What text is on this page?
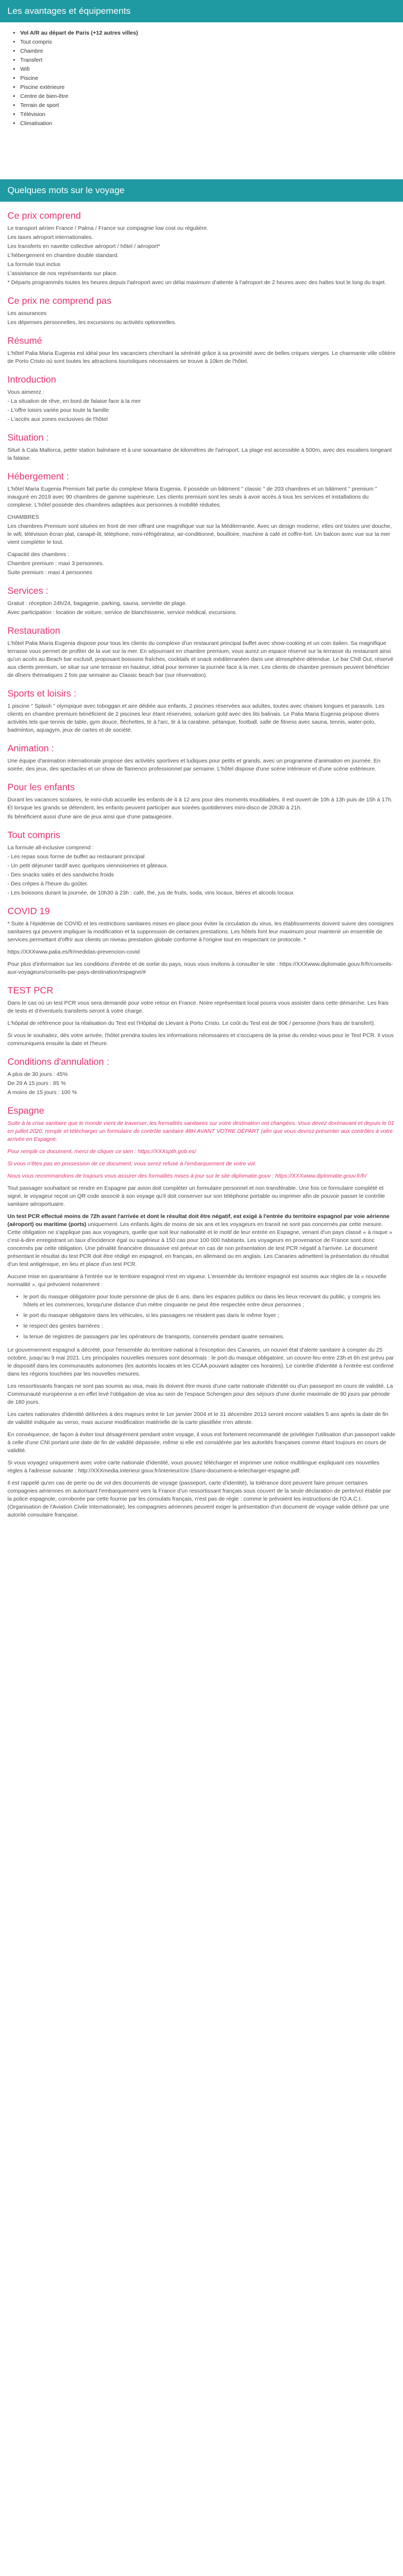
Les avantages et équipements
• Vol A/R au départ de Paris (+12 autres villes)
• Tout compris
• Chambre
• Transfert
• Wifi
• Piscine
• Piscine extérieure
• Centre de bien-être
• Terrain de sport
• Télévision
• Climatisation
Quelques mots sur le voyage
Ce prix comprend

Le transport aérien France / Palma / France sur compagnie low cost ou régulière.

Les taxes aéroport internationales.

Les transferts en navette collective aéroport / hôtel / aéroport*

L'hébergement en chambre double standard.

La formule tout inclus

L'assistance de nos représentants sur place.

* Départs programmés toutes les heures depuis l'aéroport avec un délai maximum d'attente à l'aéroport de 2 heures avec des haltes tout le long du trajet.

Ce prix ne comprend pas

Les assurances

Les dépenses personnelles, les excursions ou activités optionnelles.

Résumé

L'hôtel Palia Maria Eugenia est idéal pour les vacanciers cherchant la sérénité grâce à sa proximité avec de belles criques vierges. Le charmante ville côtière de Porto Cristo où sont toutes les attractions touristiques nécessaires se trouve à 10km de l'hôtel.

Introduction

Vous aimerez :

- La situation de rêve, en bord de falaise face à la mer

- L'offre loisirs variée pour toute la famille

- L'accès aux zones exclusives de l'hôtel

Situation :

Situé à Cala Mallorca, petite station balnéaire et à une soixantaine de kilomètres de l'aéroport. La plage est accessible à 500m, avec des escaliers longeant la falaise.

Hébergement :

L'hôtel Maria Eugenia Premium fait partie du complexe Maria Eugenia. Il possède un bâtiment " classic " de 203 chambres et un bâtiment " premium " inauguré en 2019 avec 90 chambres de gamme supérieure. Les clients premium sont les seuls à avoir accès à tous les services et installations du complexe. L'hôtel possède des chambres adaptées aux personnes à mobilité réduites.

CHAMBRES

Les chambres Premium sont situées en front de mer offrant une magnifique vue sur la Méditerranée. Avec un design moderne, elles ont toutes une douche, le wifi, télévision écran plat, canapé-lit, téléphone, mini-réfrigérateur, air-conditionné, bouilloire, machine à café et coffre-fort. Un balcon avec vue sur la mer vient compléter le tout.

Capacité des chambres :

Chambre premium : maxi 3 personnes.

Suite premium : maxi 4 personnes

Services :

Gratuit : réception 24h/24, bagagerie, parking, sauna, serviette de plage.

Avec participation : location de voiture, service de blanchisserie, service médical, excursions.

Restauration

L'hôtel Palia Maria Eugenia dispose pour tous les clients du complexe d'un restaurant principal buffet avec show-cooking et un coin italien. Sa magnifique terrasse vous permet de profiter de la vue sur la mer. En séjournant en chambre premium, vous aurez un espace réservé sur la terrasse du restaurant ainsi qu'un accès au Beach bar exclusif, proposant boissons fraîches, cocktails et snack méditerranéen dans une atmosphère détendue. Le bar Chill Out, réservé aux clients premium, se situe sur une terrasse en hauteur, idéal pour terminer la journée face à la mer. Les clients de chambre premium peuvent bénéficier de dîners thématiques 2 fois par semaine au Classic beach bar (sur réservation).

Sports et loisirs :

1 piscine " Splash " olympique avec toboggan et aire dédiée aux enfants, 2 piscines réservées aux adultes, toutes avec chaises longues et parasols. Les clients en chambre premium bénéficient de 2 piscines leur étant réservées, solarium gold avec des lits balinais. Le Palia Maria Eugenia propose divers activités tels que tennis de table, gym douce, fléchettes, tir à l'arc, tir à la carabine, pétanque, football, salle de fitness avec sauna, tennis, water-polo, badminton, aquagym, jeux de cartes et de société.

Animation :

Une équipe d'animation internationale propose des activités sportives et ludiques pour petits et grands, avec un programme d'animation en journée. En soirée, des jeux, des spectacles et un show de flamenco professionnel par semaine. L'hôtel dispose d'une scène intérieure et d'une scène extérieure.

Pour les enfants

Durant les vacances scolaires, le mini-club accueille les enfants de 4 à 12 ans pour des moments inoubliables. Il est ouvert de 10h à 13h puis de 15h à 17h. Et lorsque les grands se détendent, les enfants peuvent participer aux soirées quotidiennes mini-disco de 20h30 à 21h.

Ils bénéficient aussi d'une aire de jeux ainsi que d'une pataugeoire.

Tout compris

La formule all-inclusive comprend :

- Les repas sous forme de buffet au restaurant principal

- Un petit déjeuner tardif avec quelques viennoiseries et gâteaux.

- Des snacks salés et des sandwichs froids

- Des crêpes à l'heure du goûter.

- Les boissons durant la journée, de 10h30 à 23h : café, thé, jus de fruits, soda, vins locaux, bières et alcools locaux

COVID 19

* Suite à l'épidémie de COVID et les restrictions sanitaires mises en place pour éviter la circulation du virus, les établissements doivent suivre des consignes sanitaires qui peuvent impliquer la modification et la suppression de certaines prestations. Les hôtels font leur maximum pour maintenir un ensemble de services permettant d'offrir aux clients un niveau prestation globale conforme à l'origine tout en respectant ce protocole. *

https://XXXwww.palia.es/fr/medidas-prevencion-covid

Pour plus d'information sur les conditions d'entrée et de sortie du pays, nous vous invitons à consulter le site : https://XXXwww.diplomatie.gouv.fr/fr/conseils-aux-voyageurs/conseils-par-pays-destination/espagne/#

TEST PCR

Dans le cas où un test PCR vous sera demandé pour votre retour en France. Notre représentant local pourra vous assister dans cette démarche. Les frais de tests et d'éventuels transferts seront à votre charge.

L'hôpital de référence pour la réalisation du Test est l'Hôpital de Llevant à Porto Cristo. Le coût du Test est de 90€ / personne (hors frais de transfert).

Si vous le souhaitez, dès votre arrivée, l'hôtel prendra toutes les informations nécessaires et s'occupera de la prise du rendez-vous pour le Test PCR. Il vous communiquera ensuite la date et l'heure.

Conditions d'annulation :

A plus de 30 jours : 45%

De 29 A 15 jours : 85 %

A moins de 15 jours : 100 %

Espagne

Suite à la crise sanitaire que le monde vient de traverser, les formalités sanitaires sur votre destination ont changées. Vous devez dorénavant et depuis le 01 en juillet 2020, remplir et télécharger un formulaire de contrôle sanitaire 48H AVANT VOTRE DÉPART (afin que vous devrez présenter aux contrôles à votre arrivée en Espagne.

Pour remplir ce document, merci de cliquer ce sien : https://XXXspth.gob.es/

Si vous n'êtes pas en possession de ce document, vous serez refusé à l'embarquement de votre vol.

Nous vous recommandons de toujours vous assurer des formalités mises à jour sur le site diplomatie.gouv : https://XXXwww.diplomatie.gouv.fr/fr/

Tout passager souhaitant se rendre en Espagne par avion doit compléter un formulaire personnel et non transférable. Une fois ce formulaire complété et signé, le voyageur reçoit un QR code associé à son voyage qu'il doit conserver sur son téléphone portable ou imprimer afin de pouvoir passer le contrôle sanitaire aéroportuaire.

Un test PCR effectué moins de 72h avant l'arrivée et dont le résultat doit être négatif, est exigé à l'entrée du territoire espagnol par voie aérienne (aéroport) ou maritime (ports) uniquement. Les enfants âgés de moins de six ans et les voyageurs en transit ne sont pas concernés par cette mesure. Cette obligation ne s'applique pas aux voyageurs, quelle que soit leur nationalité et le motif de leur entrée en Espagne, venant d'un pays classé « à risque » c'est-à-dire enregistrant un taux d'incidence égal ou supérieur à 150 cas pour 100 000 habitants. Les voyageurs en provenance de France sont donc concernés par cette obligation. Une pénalité financière dissuasive est prévue en cas de non présentation de test PCR négatif à l'arrivée. Le document présentant le résultat du test PCR doit être rédigé en espagnol, en français, en allemand ou en anglais. Les Canaries admettent la présentation du résultat d'un test antigénique, en lieu et place d'un test PCR.

Aucune mise en quarantaine à l'entrée sur le territoire espagnol n'est en vigueur. L'ensemble du territoire espagnol est soumis aux règles de la « nouvelle normalité », qui prévoient notamment :

• le port du masque obligatoire pour toute personne de plus de 6 ans, dans les espaces publics ou dans les lieux recevant du public, y compris les hôtels et les commerces, lorsqu'une distance d'un mètre cinquante ne peut être respectée entre deux personnes ;
• le port du masque obligatoire dans les véhicules, si les passagers ne résident pas dans le même foyer ;
• le respect des gestes barrières ;
• la tenue de registres de passagers par les opérateurs de transports, conservés pendant quatre semaines.

Le gouvernement espagnol a décrété, pour l'ensemble du territoire national à l'exception des Canaries, un nouvel état d'alerte sanitaire à compter du 25 octobre, jusqu'au 9 mai 2021. Les principales nouvelles mesures sont désormais : le port du masque obligatoire, un couvre-feu entre 23h et 6h est prévu par le dispositif dans les communautés autonomes (les autorités locales et les CCAA pouvant adapter ces horaires). Le contrôle d'identité à l'entrée est confirmé dans les régions touchées par les nouvelles mesures.

Les ressortissants français ne sont pas soumis au visa, mais ils doivent être munis d'une carte nationale d'identité ou d'un passeport en cours de validité. La Communauté européenne a en effet levé l'obligation de visa au sein de l'espace Schengen pour des séjours d'une durée maximale de 90 jours par période de 180 jours.

Les cartes nationales d'identité délivrées à des majeurs entre le 1er janvier 2004 et le 31 décembre 2013 seront encore valables 5 ans après la date de fin de validité indiquée au verso, mais aucune modification matérielle de la carte plastifiée n'en atteste.

En conséquence, de façon à éviter tout désagrément pendant votre voyage, il vous est fortement recommandé de privilégier l'utilisation d'un passeport valide à celle d'une CNI portant une date de fin de validité dépassée, même si elle est considérée par les autorités françaises comme étant toujours en cours de validité.

Si vous voyagez uniquement avec votre carte nationale d'identité, vous pouvez télécharger et imprimer une notice multilingue expliquant ces nouvelles règles à l'adresse suivante : http://XXXmedia.interieur.gouv.fr/interieur/cni-15ans-document-a-telecharger-espagne.pdf.

Il est rappelé qu'en cas de perte ou de vol des documents de voyage (passeport, carte d'identité), la tolérance dont peuvent faire preuve certaines compagnies aériennes en autorisant l'embarquement vers la France d'un ressortissant français sous couvert de la seule déclaration de perte/vol établie par la police espagnole, corroborée par cette fournie par les consulats français, n'est pas de règle : comme le prévoient les instructions de l'O.A.C.I. (Organisation de l'Aviation Civile Internationale), les compagnies aériennes peuvent exiger la présentation d'un document de voyage valide délivré par une autorité consulaire française.
